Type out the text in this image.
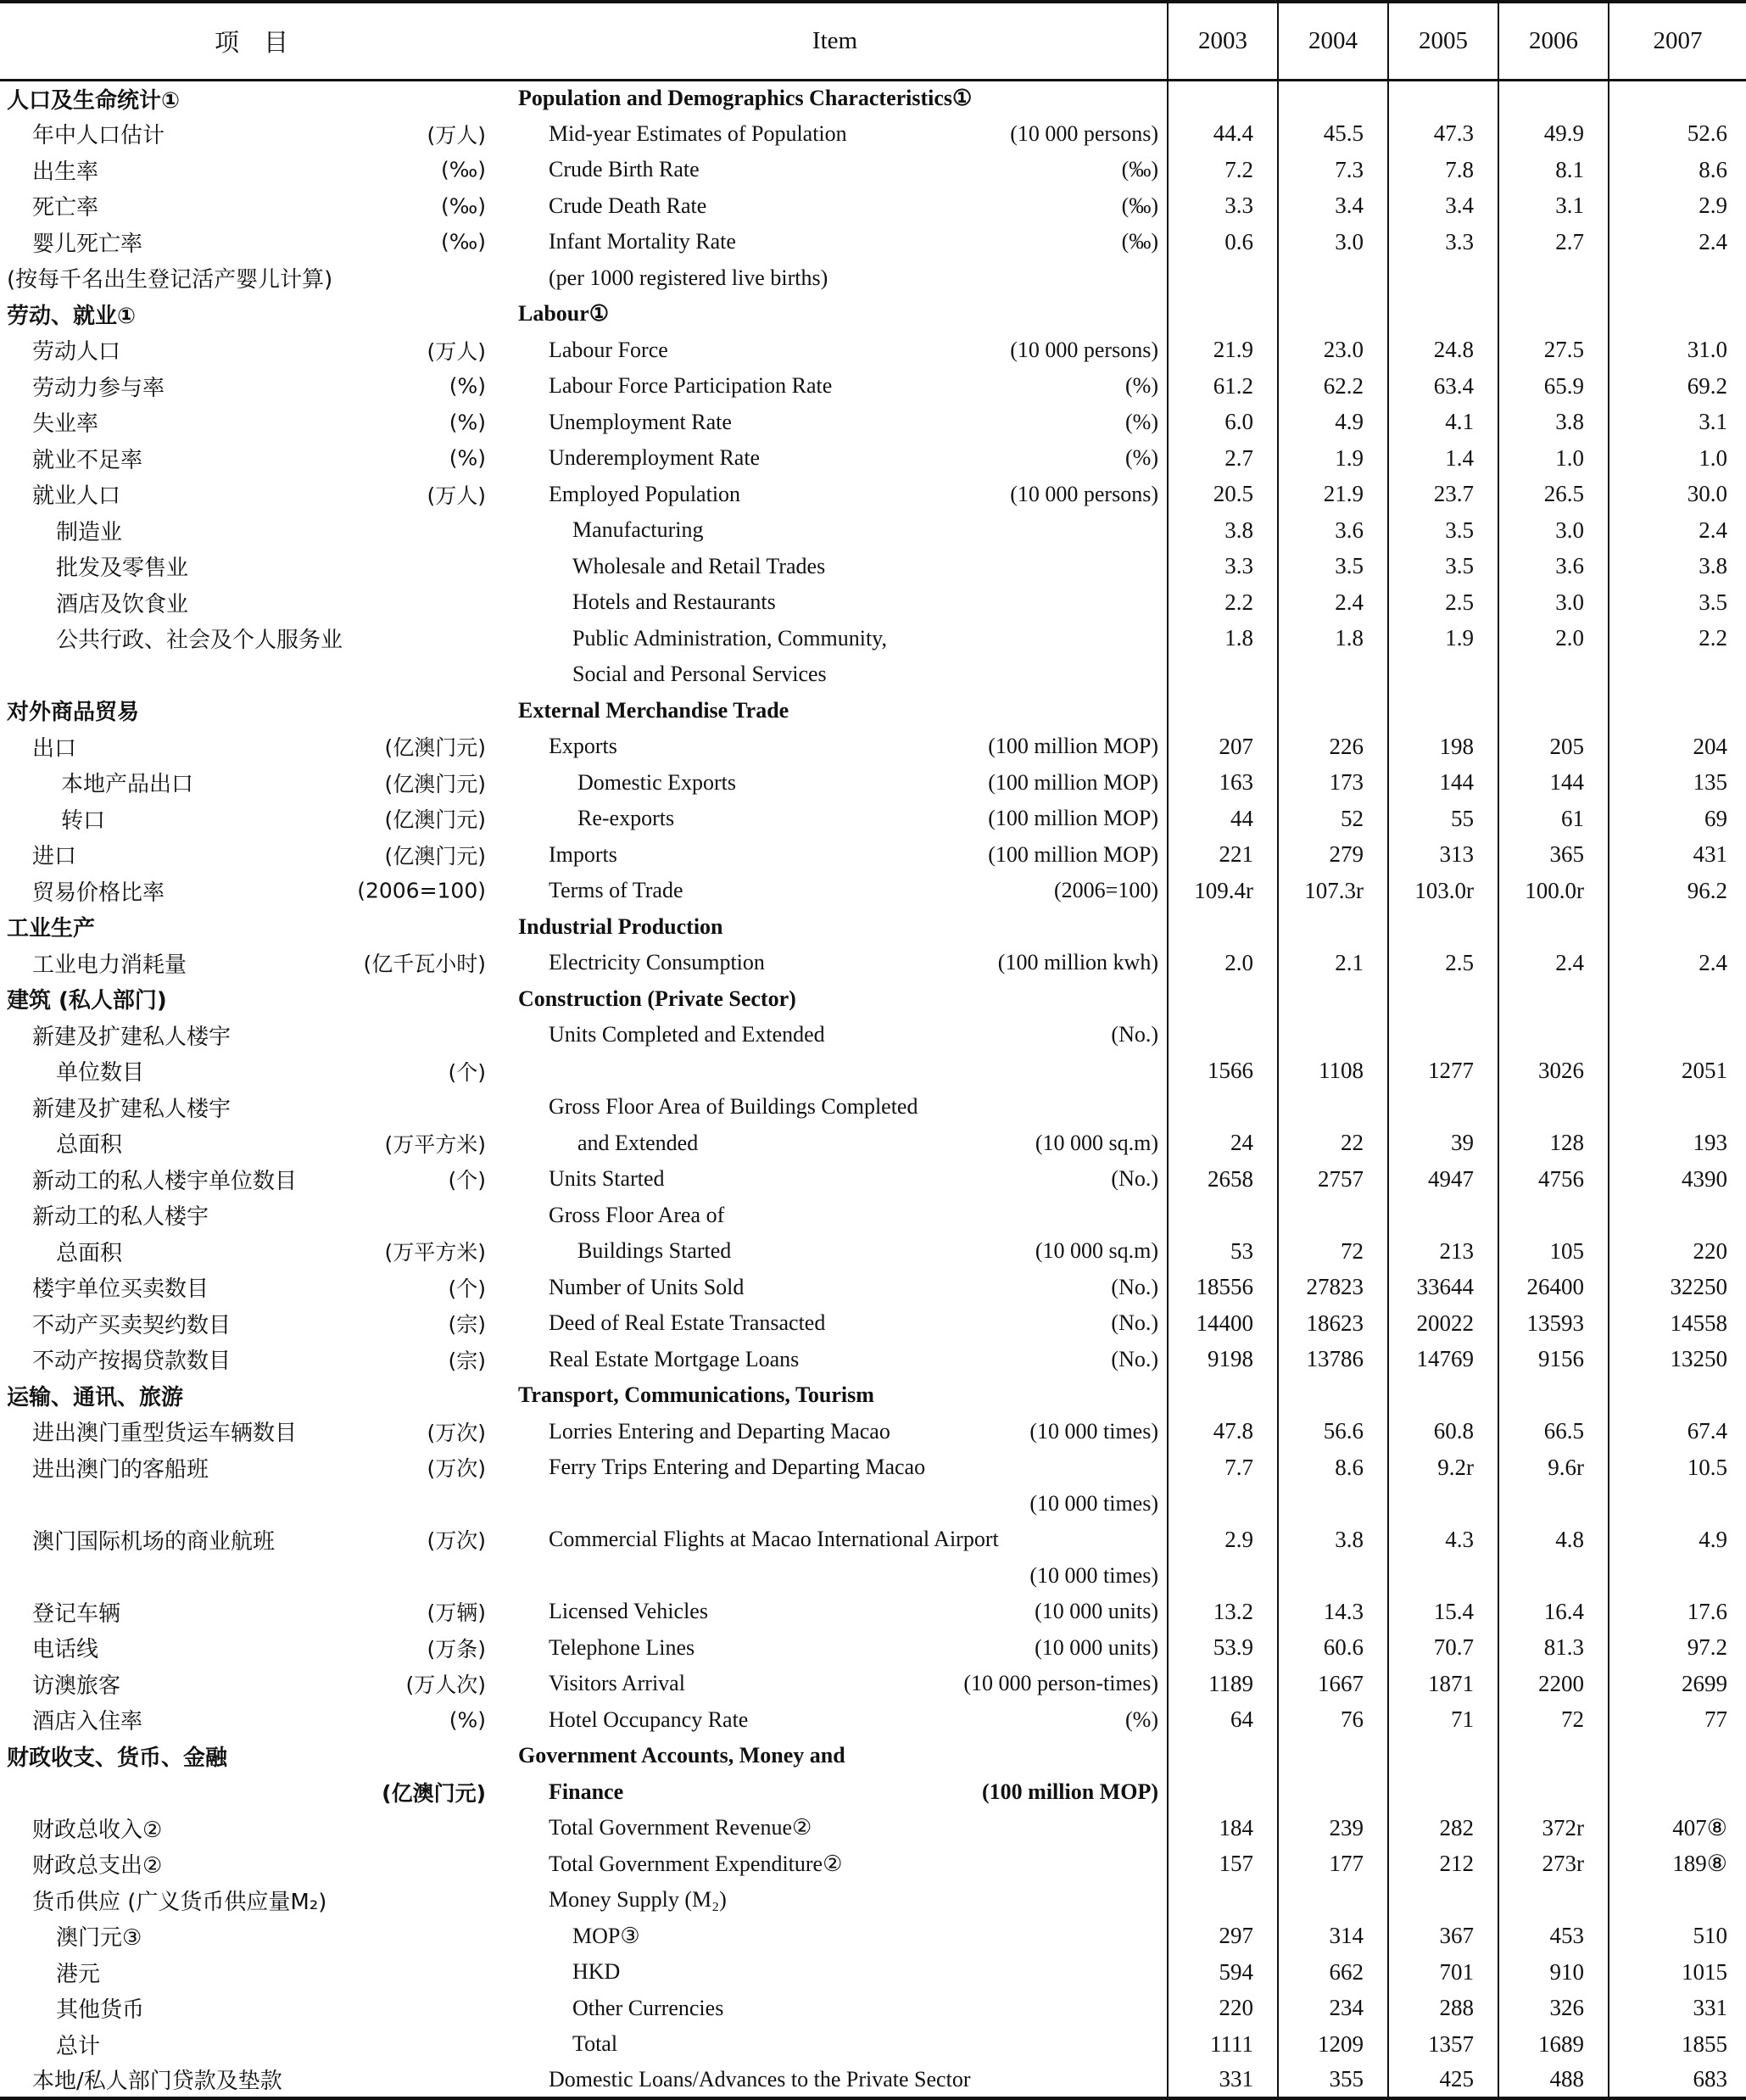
项　目	Item	2003	2004	2005	2006	2007
人口及生命统计①	Population and Demographics Characteristics①

年中人口估计 (万人)	Mid-year Estimates of Population (10 000 persons)	44.4	45.5	47.3	49.9	52.6
出生率 (‰)	Crude Birth Rate (‰)	7.2	7.3	7.8	8.1	8.6
死亡率 (‰)	Crude Death Rate (‰)	3.3	3.4	3.4	3.1	2.9
婴儿死亡率 (‰)	Infant Mortality Rate (‰)	0.6	3.0	3.3	2.7	2.4
(按每千名出生登记活产婴儿计算)	(per 1000 registered live births)

劳动、就业①	Labour①

劳动人口 (万人)	Labour Force (10 000 persons)	21.9	23.0	24.8	27.5	31.0
劳动力参与率 (%)	Labour Force Participation Rate (%)	61.2	62.2	63.4	65.9	69.2
失业率 (%)	Unemployment Rate (%)	6.0	4.9	4.1	3.8	3.1
就业不足率 (%)	Underemployment Rate (%)	2.7	1.9	1.4	1.0	1.0
就业人口 (万人)	Employed Population (10 000 persons)	20.5	21.9	23.7	26.5	30.0
制造业	Manufacturing	3.8	3.6	3.5	3.0	2.4
批发及零售业	Wholesale and Retail Trades	3.3	3.5	3.5	3.6	3.8
酒店及饮食业	Hotels and Restaurants	2.2	2.4	2.5	3.0	3.5
公共行政、社会及个人服务业	Public Administration, Community,	1.8	1.8	1.9	2.0	2.2

	Social and Personal Services

对外商品贸易	External Merchandise Trade

出口 (亿澳门元)	Exports (100 million MOP)	207	226	198	205	204
本地产品出口 (亿澳门元)	Domestic Exports (100 million MOP)	163	173	144	144	135
转口 (亿澳门元)	Re-exports (100 million MOP)	44	52	55	61	69
进口 (亿澳门元)	Imports (100 million MOP)	221	279	313	365	431
贸易价格比率 (2006=100)	Terms of Trade (2006=100)	109.4r	107.3r	103.0r	100.0r	96.2
工业生产	Industrial Production

工业电力消耗量 (亿千瓦小时)	Electricity Consumption (100 million kwh)	2.0	2.1	2.5	2.4	2.4
建筑 (私人部门)	Construction (Private Sector)

新建及扩建私人楼宇	Units Completed and Extended (No.)					

单位数目 (个)		1566	1108	1277	3026	2051
新建及扩建私人楼宇	Gross Floor Area of Buildings Completed

总面积 (万平方米)	and Extended (10 000 sq.m)	24	22	39	128	193
新动工的私人楼宇单位数目 (个)	Units Started (No.)	2658	2757	4947	4756	4390
新动工的私人楼宇	Gross Floor Area of

总面积 (万平方米)	Buildings Started (10 000 sq.m)	53	72	213	105	220
楼宇单位买卖数目 (个)	Number of Units Sold (No.)	18556	27823	33644	26400	32250
不动产买卖契约数目 (宗)	Deed of Real Estate Transacted (No.)	14400	18623	20022	13593	14558
不动产按揭贷款数目 (宗)	Real Estate Mortgage Loans (No.)	9198	13786	14769	9156	13250
运输、通讯、旅游	Transport, Communications, Tourism

进出澳门重型货运车辆数目 (万次)	Lorries Entering and Departing Macao (10 000 times)	47.8	56.6	60.8	66.5	67.4
进出澳门的客船班 (万次)	Ferry Trips Entering and Departing Macao	7.7	8.6	9.2r	9.6r	10.5

	(10 000 times)					

澳门国际机场的商业航班 (万次)	Commercial Flights at Macao International Airport	2.9	3.8	4.3	4.8	4.9

	(10 000 times)					

登记车辆 (万辆)	Licensed Vehicles (10 000 units)	13.2	14.3	15.4	16.4	17.6
电话线 (万条)	Telephone Lines (10 000 units)	53.9	60.6	70.7	81.3	97.2
访澳旅客 (万人次)	Visitors Arrival (10 000 person-times)	1189	1667	1871	2200	2699
酒店入住率 (%)	Hotel Occupancy Rate (%)	64	76	71	72	77
财政收支、货币、金融	Government Accounts, Money and

(亿澳门元)	Finance (100 million MOP)					

财政总收入②	Total Government Revenue②	184	239	282	372r	407⑧
财政总支出②	Total Government Expenditure②	157	177	212	273r	189⑧
货币供应 (广义货币供应量M₂)	Money Supply (M₂)

澳门元③	MOP③	297	314	367	453	510
港元	HKD	594	662	701	910	1015
其他货币	Other Currencies	220	234	288	326	331
总计	Total	1111	1209	1357	1689	1855
本地/私人部门贷款及垫款	Domestic Loans/Advances to the Private Sector	331	355	425	488	683
